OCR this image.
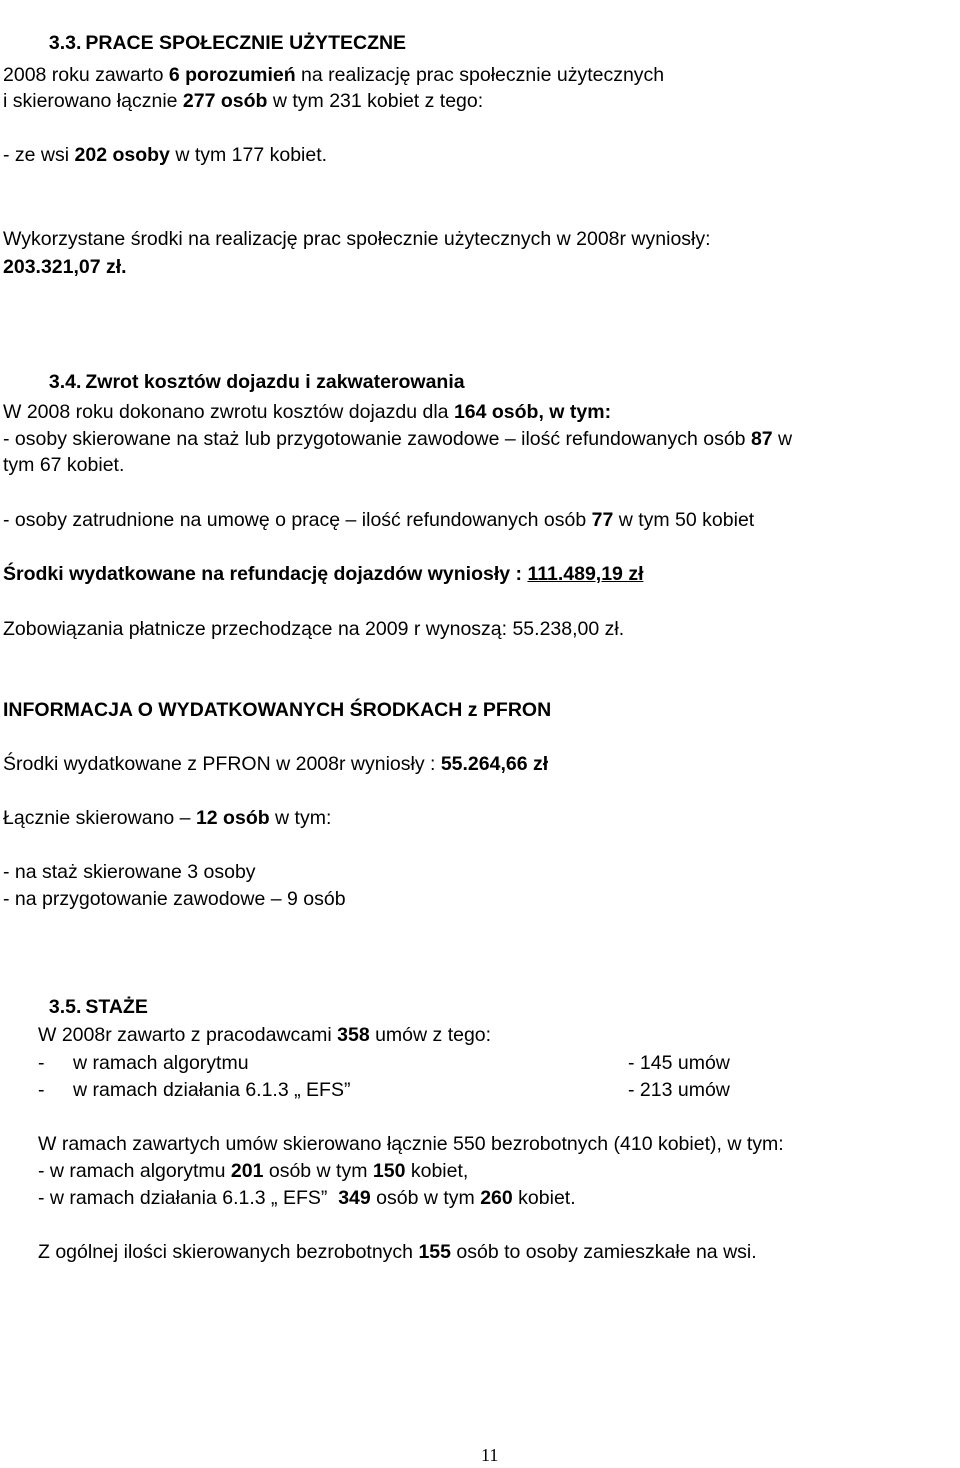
3.3. PRACE SPOŁECZNIE UŻYTECZNE

2008 roku zawarto 6 porozumień na realizację prac społecznie użytecznych
i skierowano łącznie 277 osób w tym 231 kobiet z tego:
- ze wsi 202 osoby w tym 177 kobiet.
Wykorzystane środki na realizację prac społecznie użytecznych w 2008r wyniosły:
203.321,07 zł.

3.4. Zwrot kosztów dojazdu i zakwaterowania

W 2008 roku dokonano zwrotu kosztów dojazdu dla 164 osób, w tym:
- osoby skierowane na staż lub przygotowanie zawodowe – ilość refundowanych osób 87 w
tym 67 kobiet.
- osoby zatrudnione na umowę o pracę – ilość refundowanych osób 77 w tym 50 kobiet
Środki wydatkowane na refundację dojazdów wyniosły : 111.489,19 zł
Zobowiązania płatnicze przechodzące na 2009 r wynoszą: 55.238,00 zł.
INFORMACJA O WYDATKOWANYCH ŚRODKACH z PFRON
Środki wydatkowane z PFRON w 2008r wyniosły : 55.264,66 zł
Łącznie skierowano – 12 osób w tym:
- na staż skierowane 3 osoby
- na przygotowanie zawodowe – 9 osób

3.5. STAŻE

W 2008r zawarto z pracodawcami 358 umów z tego:
- w ramach algorytmu	- 145 umów
- w ramach działania 6.1.3 „ EFS”	- 213 umów
W ramach zawartych umów skierowano łącznie 550 bezrobotnych (410 kobiet), w tym:
- w ramach algorytmu 201 osób w tym 150 kobiet,
- w ramach działania 6.1.3 „ EFS”  349 osób w tym 260 kobiet.
Z ogólnej ilości skierowanych bezrobotnych 155 osób to osoby zamieszkałe na wsi.
11
